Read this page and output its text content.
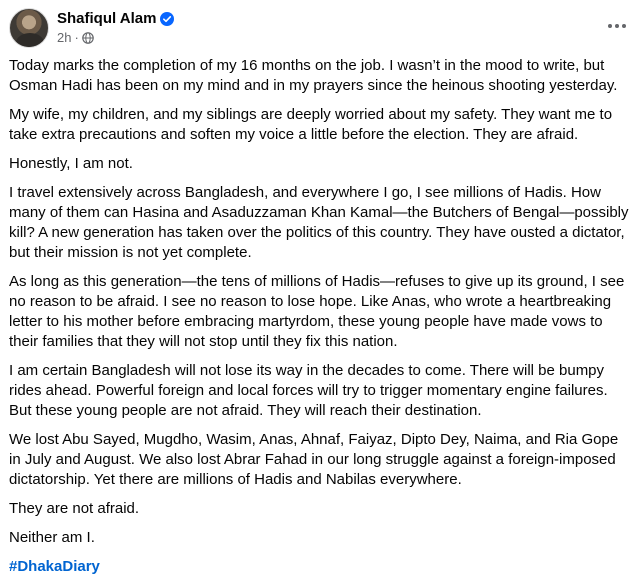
Shafiqul Alam
2h ·

Today marks the completion of my 16 months on the job. I wasn’t in the mood to write, but Osman Hadi has been on my mind and in my prayers since the heinous shooting yesterday.

My wife, my children, and my siblings are deeply worried about my safety. They want me to take extra precautions and soften my voice a little before the election. They are afraid.

Honestly, I am not.

I travel extensively across Bangladesh, and everywhere I go, I see millions of Hadis. How many of them can Hasina and Asaduzzaman Khan Kamal—the Butchers of Bengal—possibly kill? A new generation has taken over the politics of this country. They have ousted a dictator, but their mission is not yet complete.

As long as this generation—the tens of millions of Hadis—refuses to give up its ground, I see no reason to be afraid. I see no reason to lose hope. Like Anas, who wrote a heartbreaking letter to his mother before embracing martyrdom, these young people have made vows to their families that they will not stop until they fix this nation.

I am certain Bangladesh will not lose its way in the decades to come. There will be bumpy rides ahead. Powerful foreign and local forces will try to trigger momentary engine failures. But these young people are not afraid. They will reach their destination.

We lost Abu Sayed, Mugdho, Wasim, Anas, Ahnaf, Faiyaz, Dipto Dey, Naima, and Ria Gope in July and August. We also lost Abrar Fahad in our long struggle against a foreign-imposed dictatorship. Yet there are millions of Hadis and Nabilas everywhere.

They are not afraid.

Neither am I.

#DhakaDiary
